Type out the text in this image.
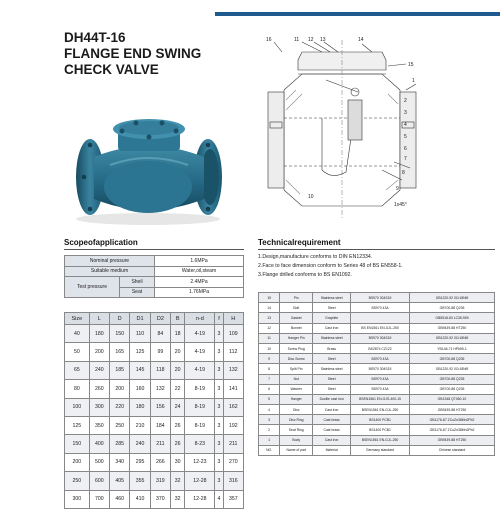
DH44T-16
FLANGE END SWING
CHECK VALVE
16	11 12 13	14
15
1
2
3
4
5
6
7
8
9
10
1x45°
Scopeofapplication
Nominal pressure		1.6MPa
Suitable medium		Water,oil,steam
Test pressure	Sheil	2.4MPa
	Seat	1.76MPa
Size	L	D	D1	D2	B	n-d	f	H
40	180	150	110	84	18	4-19	3	109
50	200	165	125	99	20	4-19	3	112
65	240	185	145	118	20	4-19	3	132
80	260	200	160	132	22	8-19	3	141
100	300	220	180	156	24	8-19	3	162
125	350	250	210	184	26	8-19	3	192
150	400	285	240	211	26	8-23	3	211
200	500	340	295	266	30	12-23	3	270
250	600	405	355	319	32	12-28	3	316
300	700	460	410	370	32	12-28	4	357
Technicalrequirement
1.Design,manufacture conforms to DIN EN12334.
2.Face to face dimension conform to Series 48 of BS EN558-1.
3.Flange drilled conforms to BS EN1092.
15	Pin	Stainless steel	BS970 304S15	GB1220-92 0Cr18Ni9
14	Bolt	Steel	BS970 43A	GB700-88 Q235
13	Gasket	Graphite		GB5518-83 LC35-959
12	Bonnet	Cast iron	BS EN1561 EN-GJL-250	GB9439-88 HT250
11	Hanger Pin	Stainless steel	BS970 304S15	GB1220-92 0Cr18Ni9
10	Screw Plug	Brass	BS2874 CZ122	YB146-71 HPb59-1
9	Disc Screw	Steel	BS970 43A	GB700-88 Q235
8	Split Pin	Stainless steel	BS970 304S15	GB1220-92 0Cr18Ni9
7	Nut	Steel	BS970 43A	GB700-88 Q235
6	Washer	Steel	BS970 43A	GB700-88 Q235
5	Hanger	Ductile cast iron	BSEN1561 EN-GJS-400-15	GB1348 QT450-10
4	Disc	Cast iron	BSEN1561 EN-GJL-250	GB9439-88 HT250
3	Disc Ring	Cast brass	BS1400 PCB1	GB1176-87 ZCuZn38Mn2Pb2
2	Seat Ring	Cast brass	BS1400 PCB1	GB1176-87 ZCuZn38Mn2Pb2
1	Body	Cast iron	BSEN1561 EN-GJL-250	GB9439-88 HT250
NO.	Name of part	Material	Germany standard	Chinese standard
